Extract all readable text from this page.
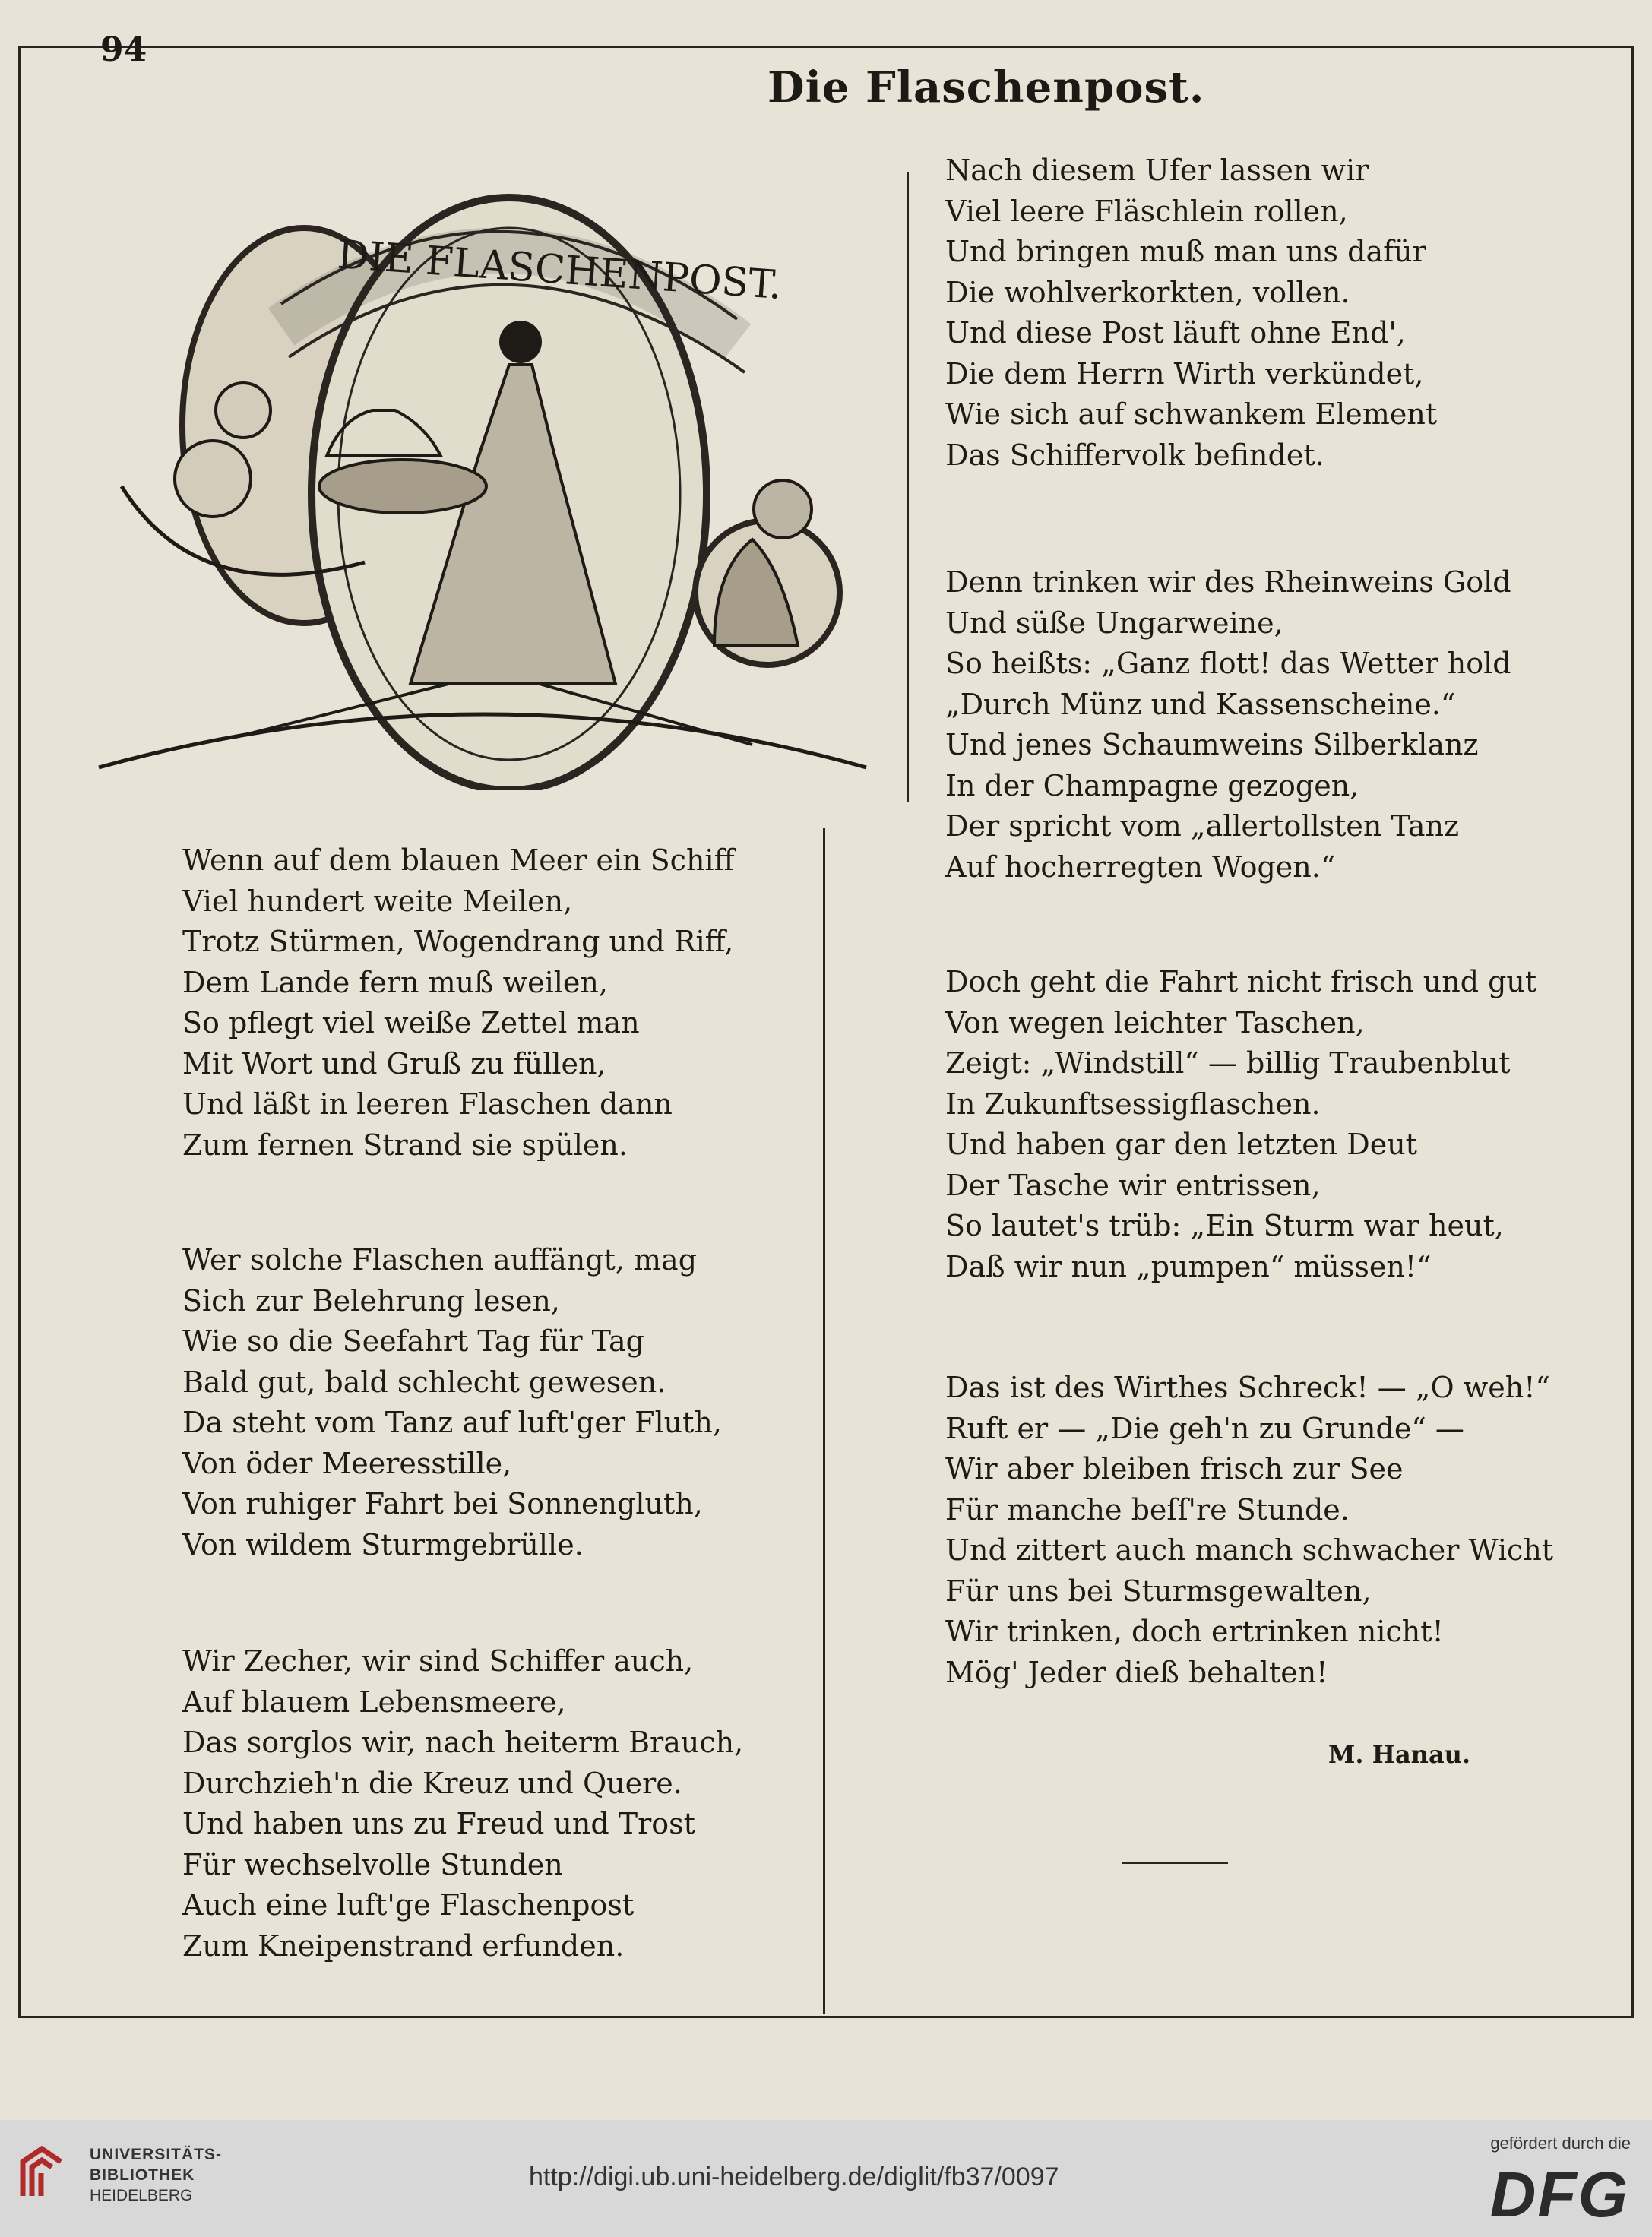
94
Die Flaschenpost.
DIE FLASCHENPOST.
Wenn auf dem blauen Meer ein Schiff
Viel hundert weite Meilen,
Trotz Stürmen, Wogendrang und Riff,
Dem Lande fern muß weilen,
So pflegt viel weiße Zettel man
Mit Wort und Gruß zu füllen,
Und läßt in leeren Flaschen dann
Zum fernen Strand sie spülen.
Wer solche Flaschen auffängt, mag
Sich zur Belehrung lesen,
Wie so die Seefahrt Tag für Tag
Bald gut, bald schlecht gewesen.
Da steht vom Tanz auf luft'ger Fluth,
Von öder Meeresstille,
Von ruhiger Fahrt bei Sonnengluth,
Von wildem Sturmgebrülle.
Wir Zecher, wir sind Schiffer auch,
Auf blauem Lebensmeere,
Das sorglos wir, nach heiterm Brauch,
Durchzieh'n die Kreuz und Quere.
Und haben uns zu Freud und Trost
Für wechselvolle Stunden
Auch eine luft'ge Flaschenpost
Zum Kneipenstrand erfunden.
Nach diesem Ufer lassen wir
Viel leere Fläschlein rollen,
Und bringen muß man uns dafür
Die wohlverkorkten, vollen.
Und diese Post läuft ohne End',
Die dem Herrn Wirth verkündet,
Wie sich auf schwankem Element
Das Schiffervolk befindet.
Denn trinken wir des Rheinweins Gold
Und süße Ungarweine,
So heißts: „Ganz flott! das Wetter hold
„Durch Münz und Kassenscheine.“
Und jenes Schaumweins Silberklanz
In der Champagne gezogen,
Der spricht vom „allertollsten Tanz
Auf hocherregten Wogen.“
Doch geht die Fahrt nicht frisch und gut
Von wegen leichter Taschen,
Zeigt: „Windstill“ — billig Traubenblut
In Zukunftsessigflaschen.
Und haben gar den letzten Deut
Der Tasche wir entrissen,
So lautet's trüb: „Ein Sturm war heut,
Daß wir nun „pumpen“ müssen!“
Das ist des Wirthes Schreck! — „O weh!“
Ruft er — „Die geh'n zu Grunde“ —
Wir aber bleiben frisch zur See
Für manche beſſ're Stunde.
Und zittert auch manch schwacher Wicht
Für uns bei Sturmsgewalten,
Wir trinken, doch ertrinken nicht!
Mög' Jeder dieß behalten!
M. Hanau.
UNIVERSITÄTS-
BIBLIOTHEK
HEIDELBERG
http://digi.ub.uni-heidelberg.de/diglit/fb37/0097
gefördert durch die
DFG
